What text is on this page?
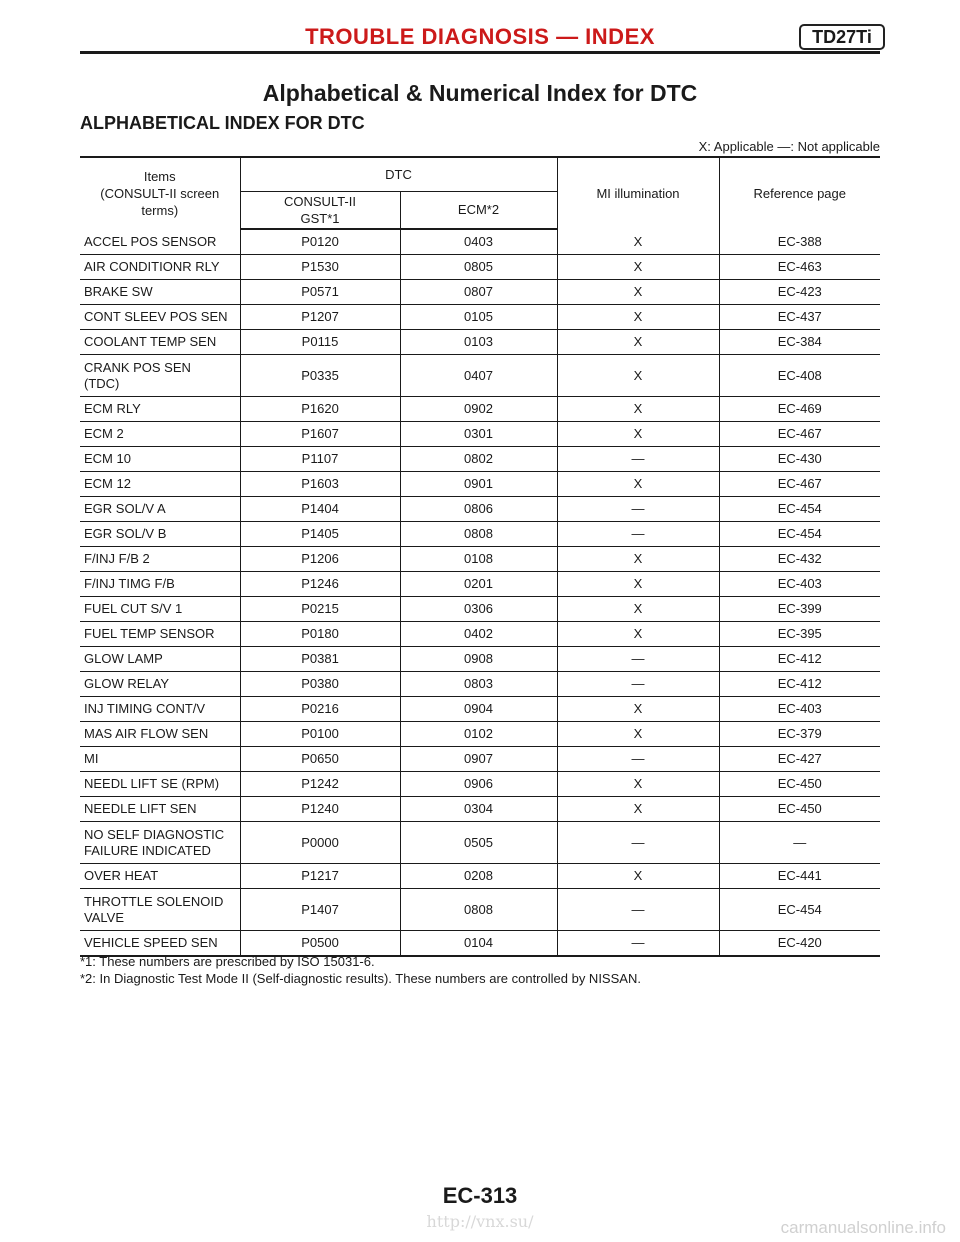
TROUBLE DIAGNOSIS — INDEX	TD27Ti
Alphabetical & Numerical Index for DTC
ALPHABETICAL INDEX FOR DTC
X: Applicable —: Not applicable
Items
(CONSULT-II screen
terms)	DTC		MI illumination	Reference page
	CONSULT-II
GST*1	ECM*2		
ACCEL POS SENSOR	P0120	0403	X	EC-388
AIR CONDITIONR RLY	P1530	0805	X	EC-463
BRAKE SW	P0571	0807	X	EC-423
CONT SLEEV POS SEN	P1207	0105	X	EC-437
COOLANT TEMP SEN	P0115	0103	X	EC-384
CRANK POS SEN
(TDC)	P0335	0407	X	EC-408
ECM RLY	P1620	0902	X	EC-469
ECM 2	P1607	0301	X	EC-467
ECM 10	P1107	0802	—	EC-430
ECM 12	P1603	0901	X	EC-467
EGR SOL/V A	P1404	0806	—	EC-454
EGR SOL/V B	P1405	0808	—	EC-454
F/INJ F/B 2	P1206	0108	X	EC-432
F/INJ TIMG F/B	P1246	0201	X	EC-403
FUEL CUT S/V 1	P0215	0306	X	EC-399
FUEL TEMP SENSOR	P0180	0402	X	EC-395
GLOW LAMP	P0381	0908	—	EC-412
GLOW RELAY	P0380	0803	—	EC-412
INJ TIMING CONT/V	P0216	0904	X	EC-403
MAS AIR FLOW SEN	P0100	0102	X	EC-379
MI	P0650	0907	—	EC-427
NEEDL LIFT SE (RPM)	P1242	0906	X	EC-450
NEEDLE LIFT SEN	P1240	0304	X	EC-450
NO SELF DIAGNOSTIC
FAILURE INDICATED	P0000	0505	—	—
OVER HEAT	P1217	0208	X	EC-441
THROTTLE SOLENOID
VALVE	P1407	0808	—	EC-454
VEHICLE SPEED SEN	P0500	0104	—	EC-420
*1: These numbers are prescribed by ISO 15031-6.
*2: In Diagnostic Test Mode II (Self-diagnostic results). These numbers are controlled by NISSAN.
EC-313
http://vnx.su/	carmanualsonline.info
